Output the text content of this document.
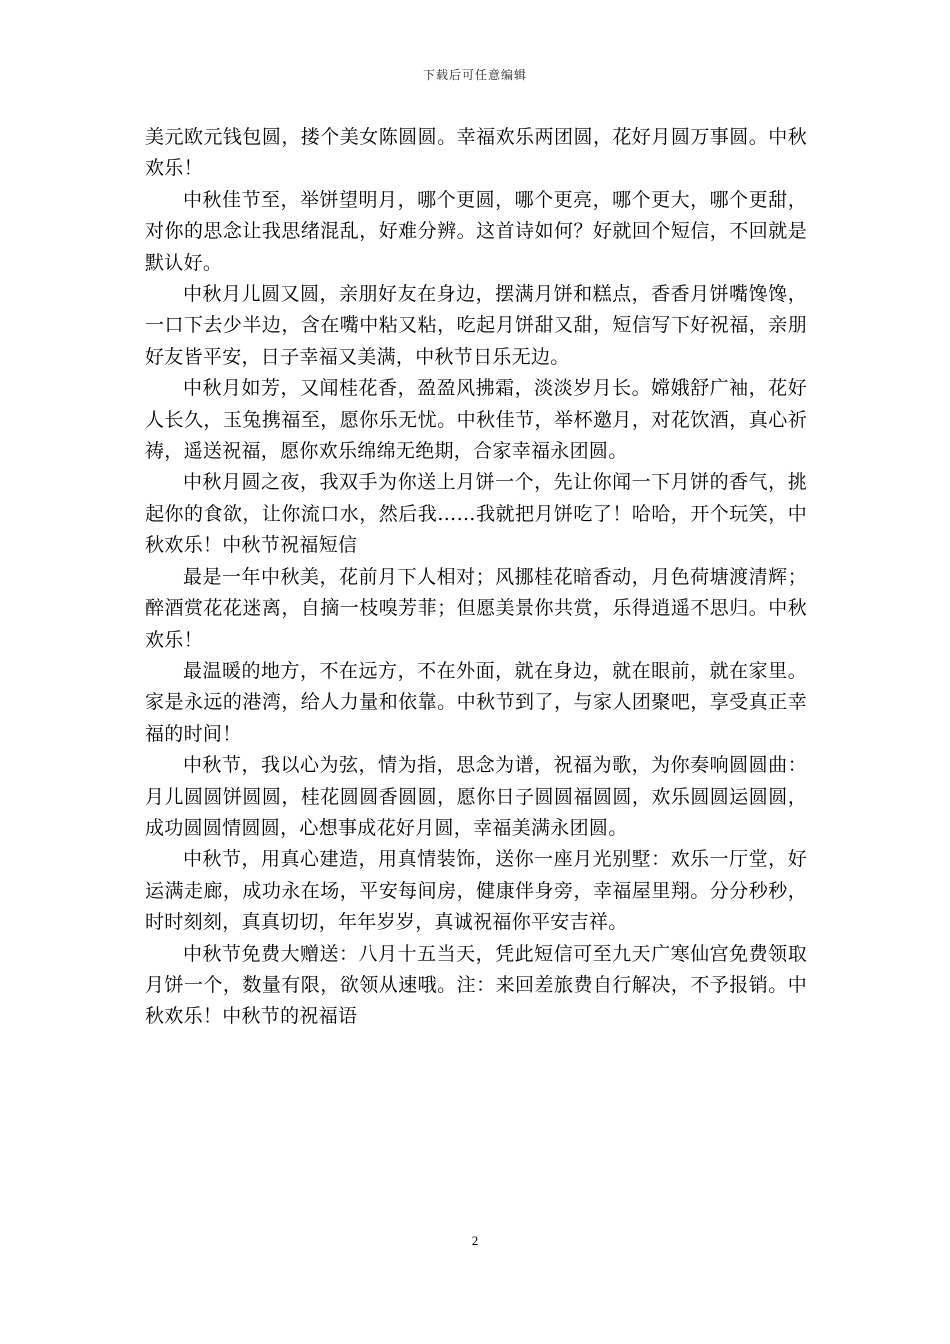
下载后可任意编辑

美元欧元钱包圆，搂个美女陈圆圆。幸福欢乐两团圆，花好月圆万事圆。中秋欢乐！

中秋佳节至，举饼望明月，哪个更圆，哪个更亮，哪个更大，哪个更甜，对你的思念让我思绪混乱，好难分辨。这首诗如何？好就回个短信，不回就是默认好。

中秋月儿圆又圆，亲朋好友在身边，摆满月饼和糕点，香香月饼嘴馋馋，一口下去少半边，含在嘴中粘又粘，吃起月饼甜又甜，短信写下好祝福，亲朋好友皆平安，日子幸福又美满，中秋节日乐无边。

中秋月如芳，又闻桂花香，盈盈风拂霜，淡淡岁月长。嫦娥舒广袖，花好人长久，玉兔携福至，愿你乐无忧。中秋佳节，举杯邀月，对花饮酒，真心祈祷，遥送祝福，愿你欢乐绵绵无绝期，合家幸福永团圆。

中秋月圆之夜，我双手为你送上月饼一个，先让你闻一下月饼的香气，挑起你的食欲，让你流口水，然后我……我就把月饼吃了！哈哈，开个玩笑，中秋欢乐！中秋节祝福短信

最是一年中秋美，花前月下人相对；风挪桂花暗香动，月色荷塘渡清辉；醉酒赏花花迷离，自摘一枝嗅芳菲；但愿美景你共赏，乐得逍遥不思归。中秋欢乐！

最温暖的地方，不在远方，不在外面，就在身边，就在眼前，就在家里。家是永远的港湾，给人力量和依靠。中秋节到了，与家人团聚吧，享受真正幸福的时间！

中秋节，我以心为弦，情为指，思念为谱，祝福为歌，为你奏响圆圆曲：月儿圆圆饼圆圆，桂花圆圆香圆圆，愿你日子圆圆福圆圆，欢乐圆圆运圆圆，成功圆圆情圆圆，心想事成花好月圆，幸福美满永团圆。

中秋节，用真心建造，用真情装饰，送你一座月光别墅：欢乐一厅堂，好运满走廊，成功永在场，平安每间房，健康伴身旁，幸福屋里翔。分分秒秒，时时刻刻，真真切切，年年岁岁，真诚祝福你平安吉祥。

中秋节免费大赠送：八月十五当天，凭此短信可至九天广寒仙宫免费领取月饼一个，数量有限，欲领从速哦。注：来回差旅费自行解决，不予报销。中秋欢乐！中秋节的祝福语

2
